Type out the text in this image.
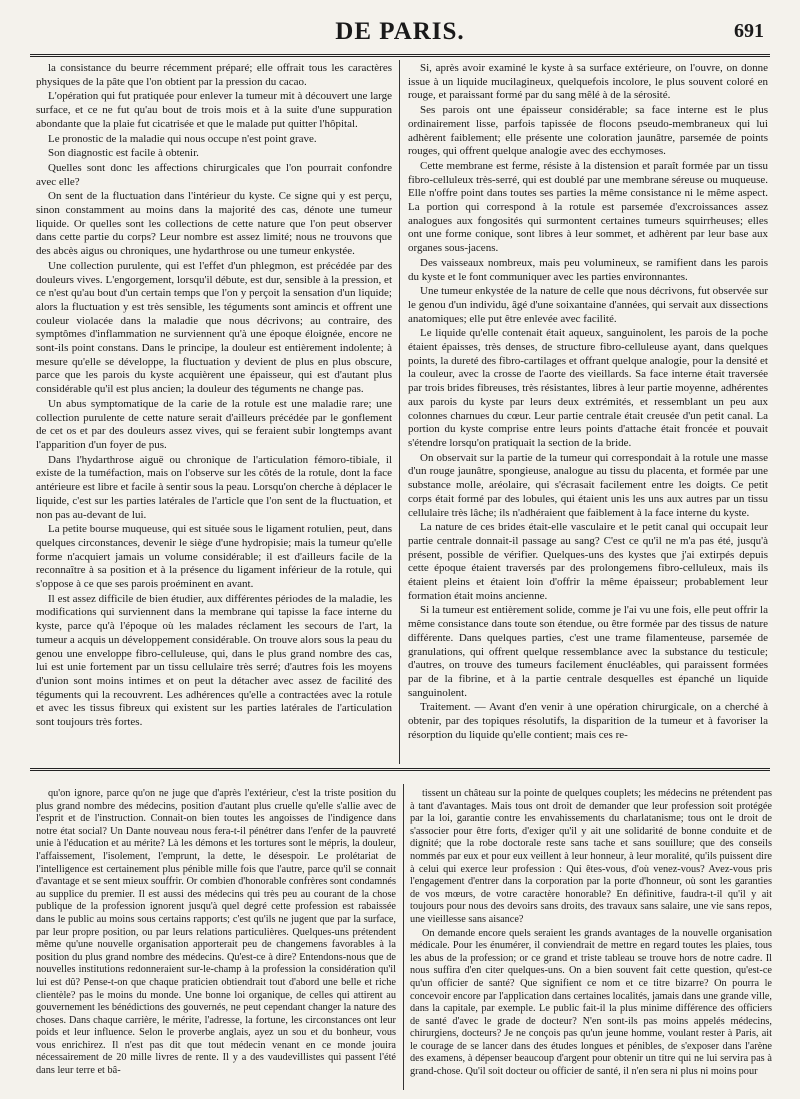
DE PARIS.	691

la consistance du beurre récemment préparé; elle offrait tous les caractères physiques de la pâte que l'on obtient par la pression du cacao.

L'opération qui fut pratiquée pour enlever la tumeur mit à découvert une large surface, et ce ne fut qu'au bout de trois mois et à la suite d'une suppuration abondante que la plaie fut cicatrisée et que le malade put quitter l'hôpital.

Le pronostic de la maladie qui nous occupe n'est point grave.

Son diagnostic est facile à obtenir.

Quelles sont donc les affections chirurgicales que l'on pourrait confondre avec elle?

On sent de la fluctuation dans l'intérieur du kyste. Ce signe qui y est perçu, sinon constamment au moins dans la majorité des cas, dénote une tumeur liquide. Or quelles sont les collections de cette nature que l'on peut observer dans cette partie du corps? Leur nombre est assez limité; nous ne trouvons que des abcès aigus ou chroniques, une hydarthrose ou une tumeur enkystée.

Une collection purulente, qui est l'effet d'un phlegmon, est précédée par des douleurs vives. L'engorgement, lorsqu'il débute, est dur, sensible à la pression, et ce n'est qu'au bout d'un certain temps que l'on y perçoit la sensation d'un liquide; alors la fluctuation y est très sensible, les téguments sont amincis et offrent une couleur violacée dans la maladie que nous décrivons; au contraire, des symptômes d'inflammation ne surviennent qu'à une époque éloignée, encore ne sont-ils point constans. Dans le principe, la douleur est entièrement indolente; à mesure qu'elle se développe, la fluctuation y devient de plus en plus obscure, parce que les parois du kyste acquièrent une épaisseur, qui est d'autant plus considérable qu'il est plus ancien; la douleur des téguments ne change pas.

Un abus symptomatique de la carie de la rotule est une maladie rare; une collection purulente de cette nature serait d'ailleurs précédée par le gonflement de cet os et par des douleurs assez vives, qui se feraient subir longtemps avant l'apparition d'un foyer de pus.

Dans l'hydarthrose aiguë ou chronique de l'articulation fémoro-tibiale, il existe de la tuméfaction, mais on l'observe sur les côtés de la rotule, dont la face antérieure est libre et facile à sentir sous la peau. Lorsqu'on cherche à déplacer le liquide, c'est sur les parties latérales de l'article que l'on sent de la fluctuation, et non pas au-devant de lui.

La petite bourse muqueuse, qui est située sous le ligament rotulien, peut, dans quelques circonstances, devenir le siège d'une hydropisie; mais la tumeur qu'elle forme n'acquiert jamais un volume considérable; il est d'ailleurs facile de la reconnaître à sa position et à la présence du ligament inférieur de la rotule, qui s'oppose à ce que ses parois proéminent en avant.

Il est assez difficile de bien étudier, aux différentes périodes de la maladie, les modifications qui surviennent dans la membrane qui tapisse la face interne du kyste, parce qu'à l'époque où les malades réclament les secours de l'art, la tumeur a acquis un développement considérable. On trouve alors sous la peau du genou une enveloppe fibro-celluleuse, qui, dans le plus grand nombre des cas, lui est unie fortement par un tissu cellulaire très serré; d'autres fois les moyens d'union sont moins intimes et on peut la détacher avec assez de facilité des téguments qui la recouvrent. Les adhérences qu'elle a contractées avec la rotule et avec les tissus fibreux qui existent sur les parties latérales de l'articulation sont toujours très fortes.

Si, après avoir examiné le kyste à sa surface extérieure, on l'ouvre, on donne issue à un liquide mucilagineux, quelquefois incolore, le plus souvent coloré en rouge, et paraissant formé par du sang mêlé à de la sérosité.

Ses parois ont une épaisseur considérable; sa face interne est le plus ordinairement lisse, parfois tapissée de flocons pseudo-membraneux qui lui adhèrent faiblement; elle présente une coloration jaunâtre, parsemée de points rouges, qui offrent quelque analogie avec des ecchymoses.

Cette membrane est ferme, résiste à la distension et paraît formée par un tissu fibro-celluleux très-serré, qui est doublé par une membrane séreuse ou muqueuse. Elle n'offre point dans toutes ses parties la même consistance ni le même aspect. La portion qui correspond à la rotule est parsemée d'excroissances assez analogues aux fongosités qui surmontent certaines tumeurs squirrheuses; elles ont une forme conique, sont libres à leur sommet, et adhèrent par leur base aux organes sous-jacens.

Des vaisseaux nombreux, mais peu volumineux, se ramifient dans les parois du kyste et le font communiquer avec les parties environnantes.

Une tumeur enkystée de la nature de celle que nous décrivons, fut observée sur le genou d'un individu, âgé d'une soixantaine d'années, qui servait aux dissections anatomiques; elle put être enlevée avec facilité.

Le liquide qu'elle contenait était aqueux, sanguinolent, les parois de la poche étaient épaisses, très denses, de structure fibro-celluleuse ayant, dans quelques points, la dureté des fibro-cartilages et offrant quelque analogie, pour la densité et la couleur, avec la crosse de l'aorte des vieillards. Sa face interne était traversée par trois brides fibreuses, très résistantes, libres à leur partie moyenne, adhérentes aux parois du kyste par leurs deux extrémités, et ressemblant un peu aux colonnes charnues du cœur. Leur partie centrale était creusée d'un petit canal. La portion du kyste comprise entre leurs points d'attache était froncée et pouvait s'étendre lorsqu'on pratiquait la section de la bride.

On observait sur la partie de la tumeur qui correspondait à la rotule une masse d'un rouge jaunâtre, spongieuse, analogue au tissu du placenta, et formée par une substance molle, aréolaire, qui s'écrasait facilement entre les doigts. Ce petit corps était formé par des lobules, qui étaient unis les uns aux autres par un tissu cellulaire très lâche; ils n'adhéraient que faiblement à la face interne du kyste.

La nature de ces brides était-elle vasculaire et le petit canal qui occupait leur partie centrale donnait-il passage au sang? C'est ce qu'il ne m'a pas été, jusqu'à présent, possible de vérifier. Quelques-uns des kystes que j'ai extirpés depuis cette époque étaient traversés par des prolongemens fibro-celluleux, mais ils étaient pleins et étaient loin d'offrir la même épaisseur; probablement leur formation était moins ancienne.

Si la tumeur est entièrement solide, comme je l'ai vu une fois, elle peut offrir la même consistance dans toute son étendue, ou être formée par des tissus de nature différente. Dans quelques parties, c'est une trame filamenteuse, parsemée de granulations, qui offrent quelque ressemblance avec la substance du testicule; d'autres, on trouve des tumeurs facilement énucléables, qui paraissent formées par de la fibrine, et à la partie centrale desquelles est épanché un liquide sanguinolent.

Traitement. — Avant d'en venir à une opération chirurgicale, on a cherché à obtenir, par des topiques résolutifs, la disparition de la tumeur et à favoriser la résorption du liquide qu'elle contient; mais ces re-

qu'on ignore, parce qu'on ne juge que d'après l'extérieur, c'est la triste position du plus grand nombre des médecins, position d'autant plus cruelle qu'elle s'allie avec de l'esprit et de l'instruction. Connait-on bien toutes les angoisses de l'indigence dans notre état social? Un Dante nouveau nous fera-t-il pénétrer dans l'enfer de la pauvreté unie à l'éducation et au mérite? Là les démons et les tortures sont le mépris, la douleur, l'affaissement, l'isolement, l'emprunt, la dette, le désespoir. Le prolétariat de l'intelligence est certainement plus pénible mille fois que l'autre, parce qu'il se connait d'avantage et se sent mieux souffrir. Or combien d'honorable confrères sont condamnés au supplice du premier. Il est aussi des médecins qui très peu au courant de la chose publique de la profession ignorent jusqu'à quel degré cette profession est rabaissée dans le public au moins sous certains rapports; c'est qu'ils ne jugent que par la surface, par leur propre position, ou par leurs relations particulières. Quelques-uns prétendent même qu'une nouvelle organisation apporterait peu de changemens favorables à la position du plus grand nombre des médecins. Qu'est-ce à dire? Entendons-nous que de nouvelles institutions redonneraient sur-le-champ à la profession la considération qu'il lui est dû? Pense-t-on que chaque praticien obtiendrait tout d'abord une belle et riche clientèle? pas le moins du monde. Une bonne loi organique, de celles qui attirent au gouvernement les bénédictions des gouvernés, ne peut cependant changer la nature des choses. Dans chaque carrière, le mérite, l'adresse, la fortune, les circonstances ont leur poids et leur influence. Selon le proverbe anglais, ayez un sou et du bonheur, vous vous enrichirez. Il n'est pas dit que tout médecin venant en ce monde jouira nécessairement de 20 mille livres de rente. Il y a des vaudevillistes qui passent l'été dans leur terre et bâ-

tissent un château sur la pointe de quelques couplets; les médecins ne prétendent pas à tant d'avantages. Mais tous ont droit de demander que leur profession soit protégée par la loi, garantie contre les envahissements du charlatanisme; tous ont le droit de s'associer pour être forts, d'exiger qu'il y ait une solidarité de bonne conduite et de dignité; que la robe doctorale reste sans tache et sans souillure; que des conseils nommés par eux et pour eux veillent à leur honneur, à leur moralité, qu'ils puissent dire à celui qui exerce leur profession : Qui êtes-vous, d'où venez-vous? Avez-vous pris l'engagement d'entrer dans la corporation par la porte d'honneur, où sont les garanties de vos mœurs, de votre caractère honorable? En définitive, faudra-t-il qu'il y ait toujours pour nous des devoirs sans droits, des travaux sans salaire, une vie sans repos, une vieillesse sans aisance?

On demande encore quels seraient les grands avantages de la nouvelle organisation médicale. Pour les énumérer, il conviendrait de mettre en regard toutes les plaies, tous les abus de la profession; or ce grand et triste tableau se trouve hors de notre cadre. Il nous suffira d'en citer quelques-uns. On a bien souvent fait cette question, qu'est-ce qu'un officier de santé? Que signifient ce nom et ce titre bizarre? On pourra le concevoir encore par l'application dans certaines localités, jamais dans une grande ville, dans la capitale, par exemple. Le public fait-il la plus minime différence des officiers de santé d'avec le grade de docteur? N'en sont-ils pas moins appelés médecins, chirurgiens, docteurs? Je ne conçois pas qu'un jeune homme, voulant rester à Paris, ait le courage de se lancer dans des études longues et pénibles, de s'exposer dans l'arène des examens, à dépenser beaucoup d'argent pour obtenir un titre qui ne lui servira pas à grand-chose. Qu'il soit docteur ou officier de santé, il n'en sera ni plus ni moins pour
